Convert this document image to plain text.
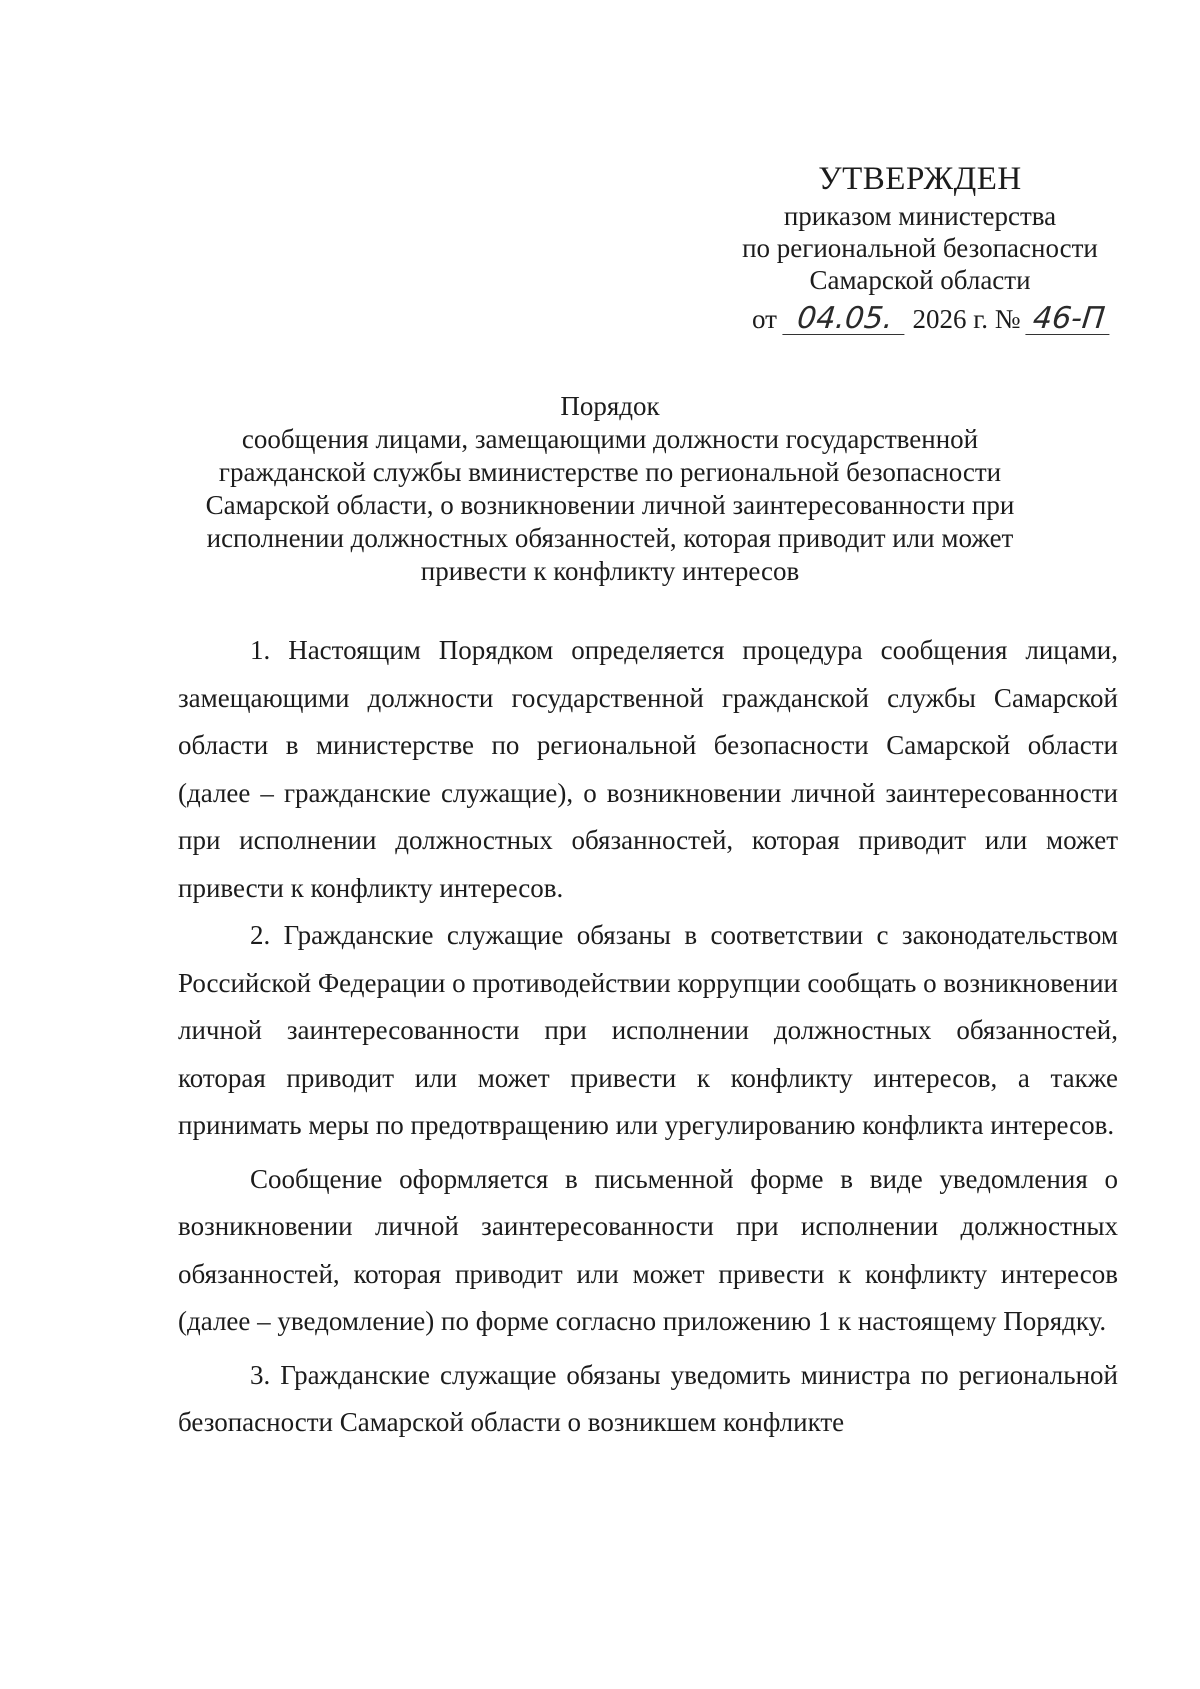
УТВЕРЖДЕН
приказом министерства
по региональной безопасности
Самарской области
от 04.05. 2026 г. № 46-П
Порядок
сообщения лицами, замещающими должности государственной
гражданской службы вминистерстве по региональной безопасности
Самарской области, о возникновении личной заинтересованности при
исполнении должностных обязанностей, которая приводит или может
привести к конфликту интересов

1. Настоящим Порядком определяется процедура сообщения лицами, замещающими должности государственной гражданской службы Самарской области в министерстве по региональной безопасности Самарской области (далее – гражданские служащие), о возникновении личной заинтересованности при исполнении должностных обязанностей, которая приводит или может привести к конфликту интересов.

2. Гражданские служащие обязаны в соответствии с законодательством Российской Федерации о противодействии коррупции сообщать о возникновении личной заинтересованности при исполнении должностных обязанностей, которая приводит или может привести к конфликту интересов, а также принимать меры по предотвращению или урегулированию конфликта интересов.

Сообщение оформляется в письменной форме в виде уведомления о возникновении личной заинтересованности при исполнении должностных обязанностей, которая приводит или может привести к конфликту интересов (далее – уведомление) по форме согласно приложению 1 к настоящему Порядку.

3. Гражданские служащие обязаны уведомить министра по региональной безопасности Самарской области о возникшем конфликте
